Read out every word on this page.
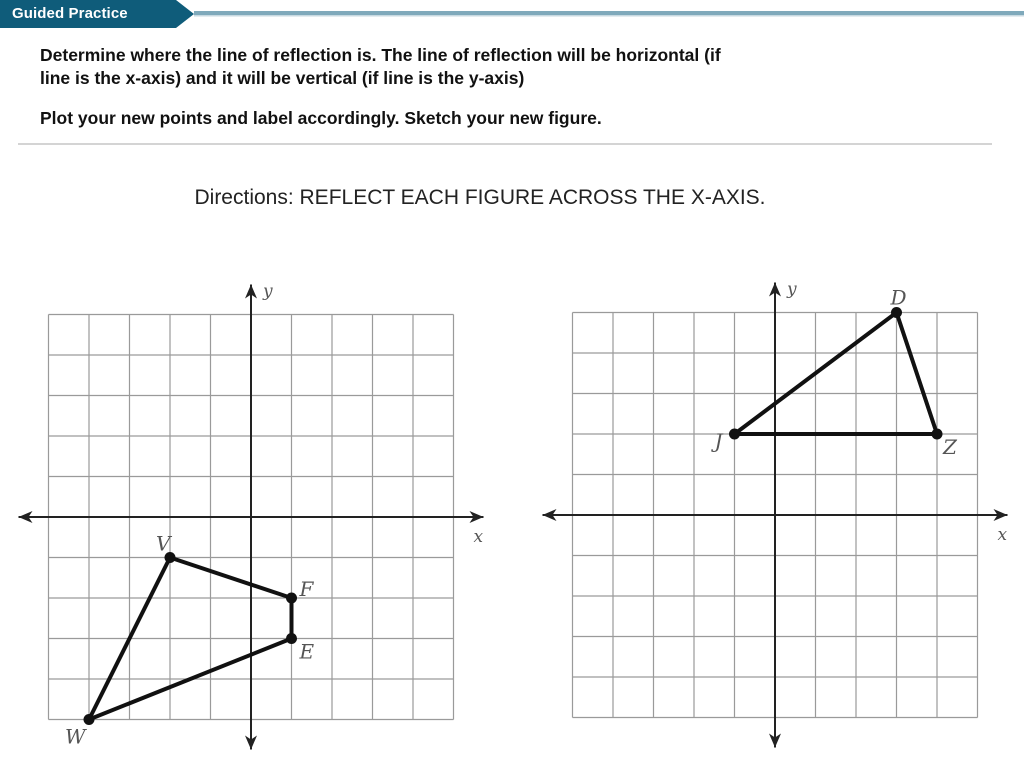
Guided Practice

Determine where the line of reflection is. The line of reflection will be horizontal (if

line is the x-axis) and it will be vertical (if line is the y-axis)

Plot your new points and label accordingly. Sketch your new figure.

Directions: REFLECT EACH FIGURE ACROSS THE X-AXIS.
x
y
V
F
E
W
x
y	D
Z
J
